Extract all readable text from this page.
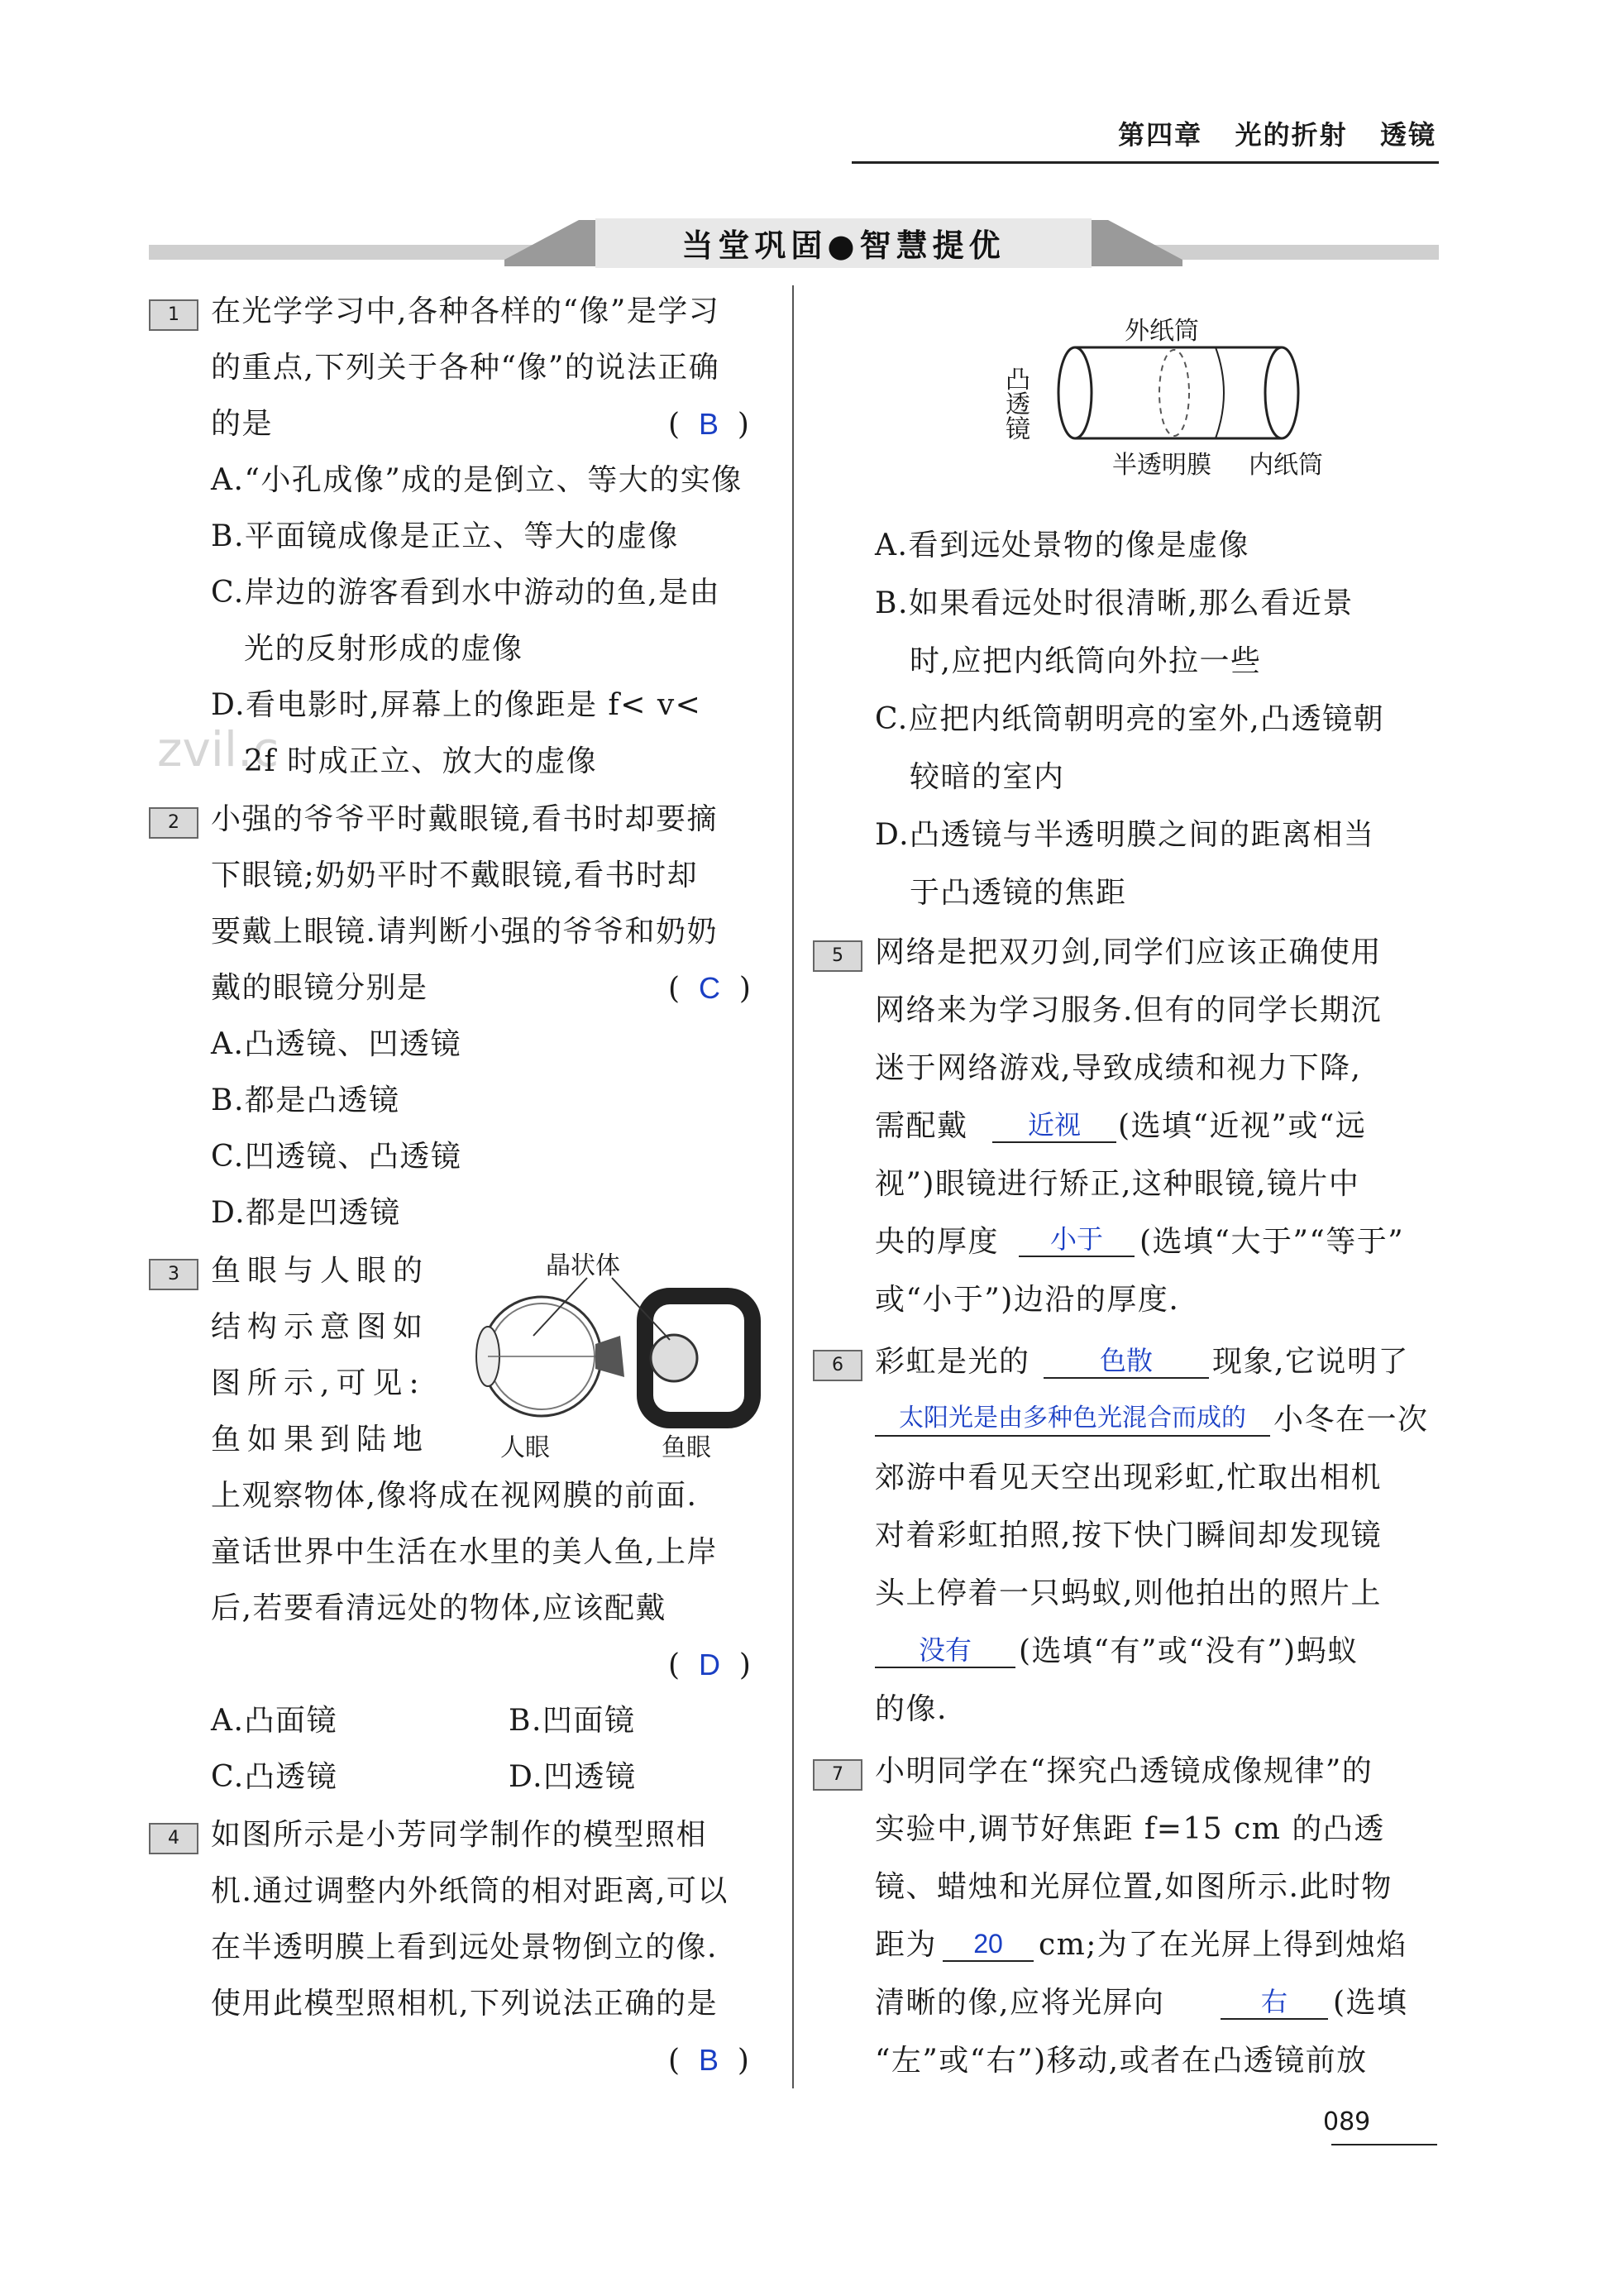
第四章   光的折射   透镜
当堂巩固●智慧提优
zvil.c
1	在光学学习中,各种各样的“像”是学习
的重点,下列关于各种“像”的说法正确
的是	(  B  )
A.“小孔成像”成的是倒立、等大的实像
B.平面镜成像是正立、等大的虚像
C.岸边的游客看到水中游动的鱼,是由
光的反射形成的虚像
D.看电影时,屏幕上的像距是 f< v<
2f 时成正立、放大的虚像
2	小强的爷爷平时戴眼镜,看书时却要摘
下眼镜;奶奶平时不戴眼镜,看书时却
要戴上眼镜.请判断小强的爷爷和奶奶
戴的眼镜分别是	(  C  )
A.凸透镜、凹透镜
B.都是凸透镜
C.凹透镜、凸透镜
D.都是凹透镜
3	鱼眼与人眼的
结构示意图如
图所示,可见:
鱼如果到陆地
晶状体
人眼	鱼眼
上观察物体,像将成在视网膜的前面.
童话世界中生活在水里的美人鱼,上岸
后,若要看清远处的物体,应该配戴
(  D  )
A.凸面镜	B.凹面镜
C.凸透镜	D.凹透镜
4	如图所示是小芳同学制作的模型照相
机.通过调整内外纸筒的相对距离,可以
在半透明膜上看到远处景物倒立的像.
使用此模型照相机,下列说法正确的是
(  B  )
外纸筒
凸透镜
半透明膜 内纸筒
A.看到远处景物的像是虚像
B.如果看远处时很清晰,那么看近景
时,应把内纸筒向外拉一些
C.应把内纸筒朝明亮的室外,凸透镜朝
较暗的室内
D.凸透镜与半透明膜之间的距离相当
于凸透镜的焦距
5	网络是把双刃剑,同学们应该正确使用
网络来为学习服务.但有的同学长期沉
迷于网络游戏,导致成绩和视力下降,
需配戴	近视	(选填“近视”或“远
视”)眼镜进行矫正,这种眼镜,镜片中
央的厚度	小于	(选填“大于”“等于”
或“小于”)边沿的厚度.
6	彩虹是光的	色散	现象,它说明了
太阳光是由多种色光混合而成的 小冬在一次
郊游中看见天空出现彩虹,忙取出相机
对着彩虹拍照,按下快门瞬间却发现镜
头上停着一只蚂蚁,则他拍出的照片上
没有	(选填“有”或“没有”)蚂蚁
的像.
7	小明同学在“探究凸透镜成像规律”的
实验中,调节好焦距 f=15 cm 的凸透
镜、蜡烛和光屏位置,如图所示.此时物
距为	20	cm;为了在光屏上得到烛焰
清晰的像,应将光屏向	右	(选填
“左”或“右”)移动,或者在凸透镜前放
089
